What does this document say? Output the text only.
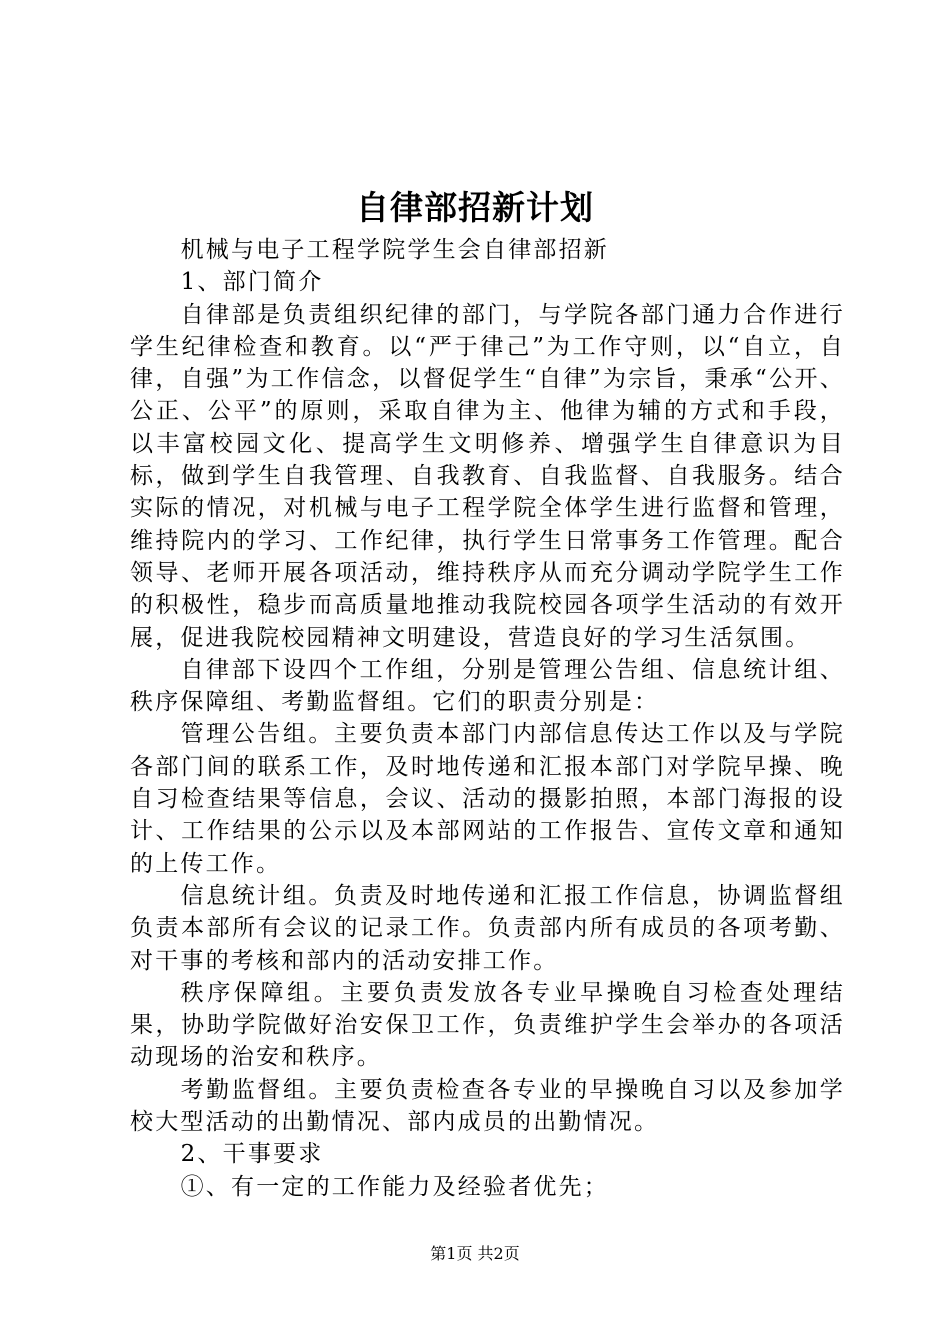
自律部招新计划

机械与电子工程学院学生会自律部招新

1、部门简介

自律部是负责组织纪律的部门，与学院各部门通力合作进行学生纪律检查和教育。以“严于律己”为工作守则，以“自立，自律，自强”为工作信念，以督促学生“自律”为宗旨，秉承“公开、公正、公平”的原则，采取自律为主、他律为辅的方式和手段，以丰富校园文化、提高学生文明修养、增强学生自律意识为目标，做到学生自我管理、自我教育、自我监督、自我服务。结合实际的情况，对机械与电子工程学院全体学生进行监督和管理，维持院内的学习、工作纪律，执行学生日常事务工作管理。配合领导、老师开展各项活动，维持秩序从而充分调动学院学生工作的积极性，稳步而高质量地推动我院校园各项学生活动的有效开展，促进我院校园精神文明建设，营造良好的学习生活氛围。

自律部下设四个工作组，分别是管理公告组、信息统计组、秩序保障组、考勤监督组。它们的职责分别是：

管理公告组。主要负责本部门内部信息传达工作以及与学院各部门间的联系工作，及时地传递和汇报本部门对学院早操、晚自习检查结果等信息，会议、活动的摄影拍照，本部门海报的设计、工作结果的公示以及本部网站的工作报告、宣传文章和通知的上传工作。

信息统计组。负责及时地传递和汇报工作信息，协调监督组负责本部所有会议的记录工作。负责部内所有成员的各项考勤、对干事的考核和部内的活动安排工作。

秩序保障组。主要负责发放各专业早操晚自习检查处理结果，协助学院做好治安保卫工作，负责维护学生会举办的各项活动现场的治安和秩序。

考勤监督组。主要负责检查各专业的早操晚自习以及参加学校大型活动的出勤情况、部内成员的出勤情况。

2、干事要求

①、有一定的工作能力及经验者优先；

第1页 共2页
